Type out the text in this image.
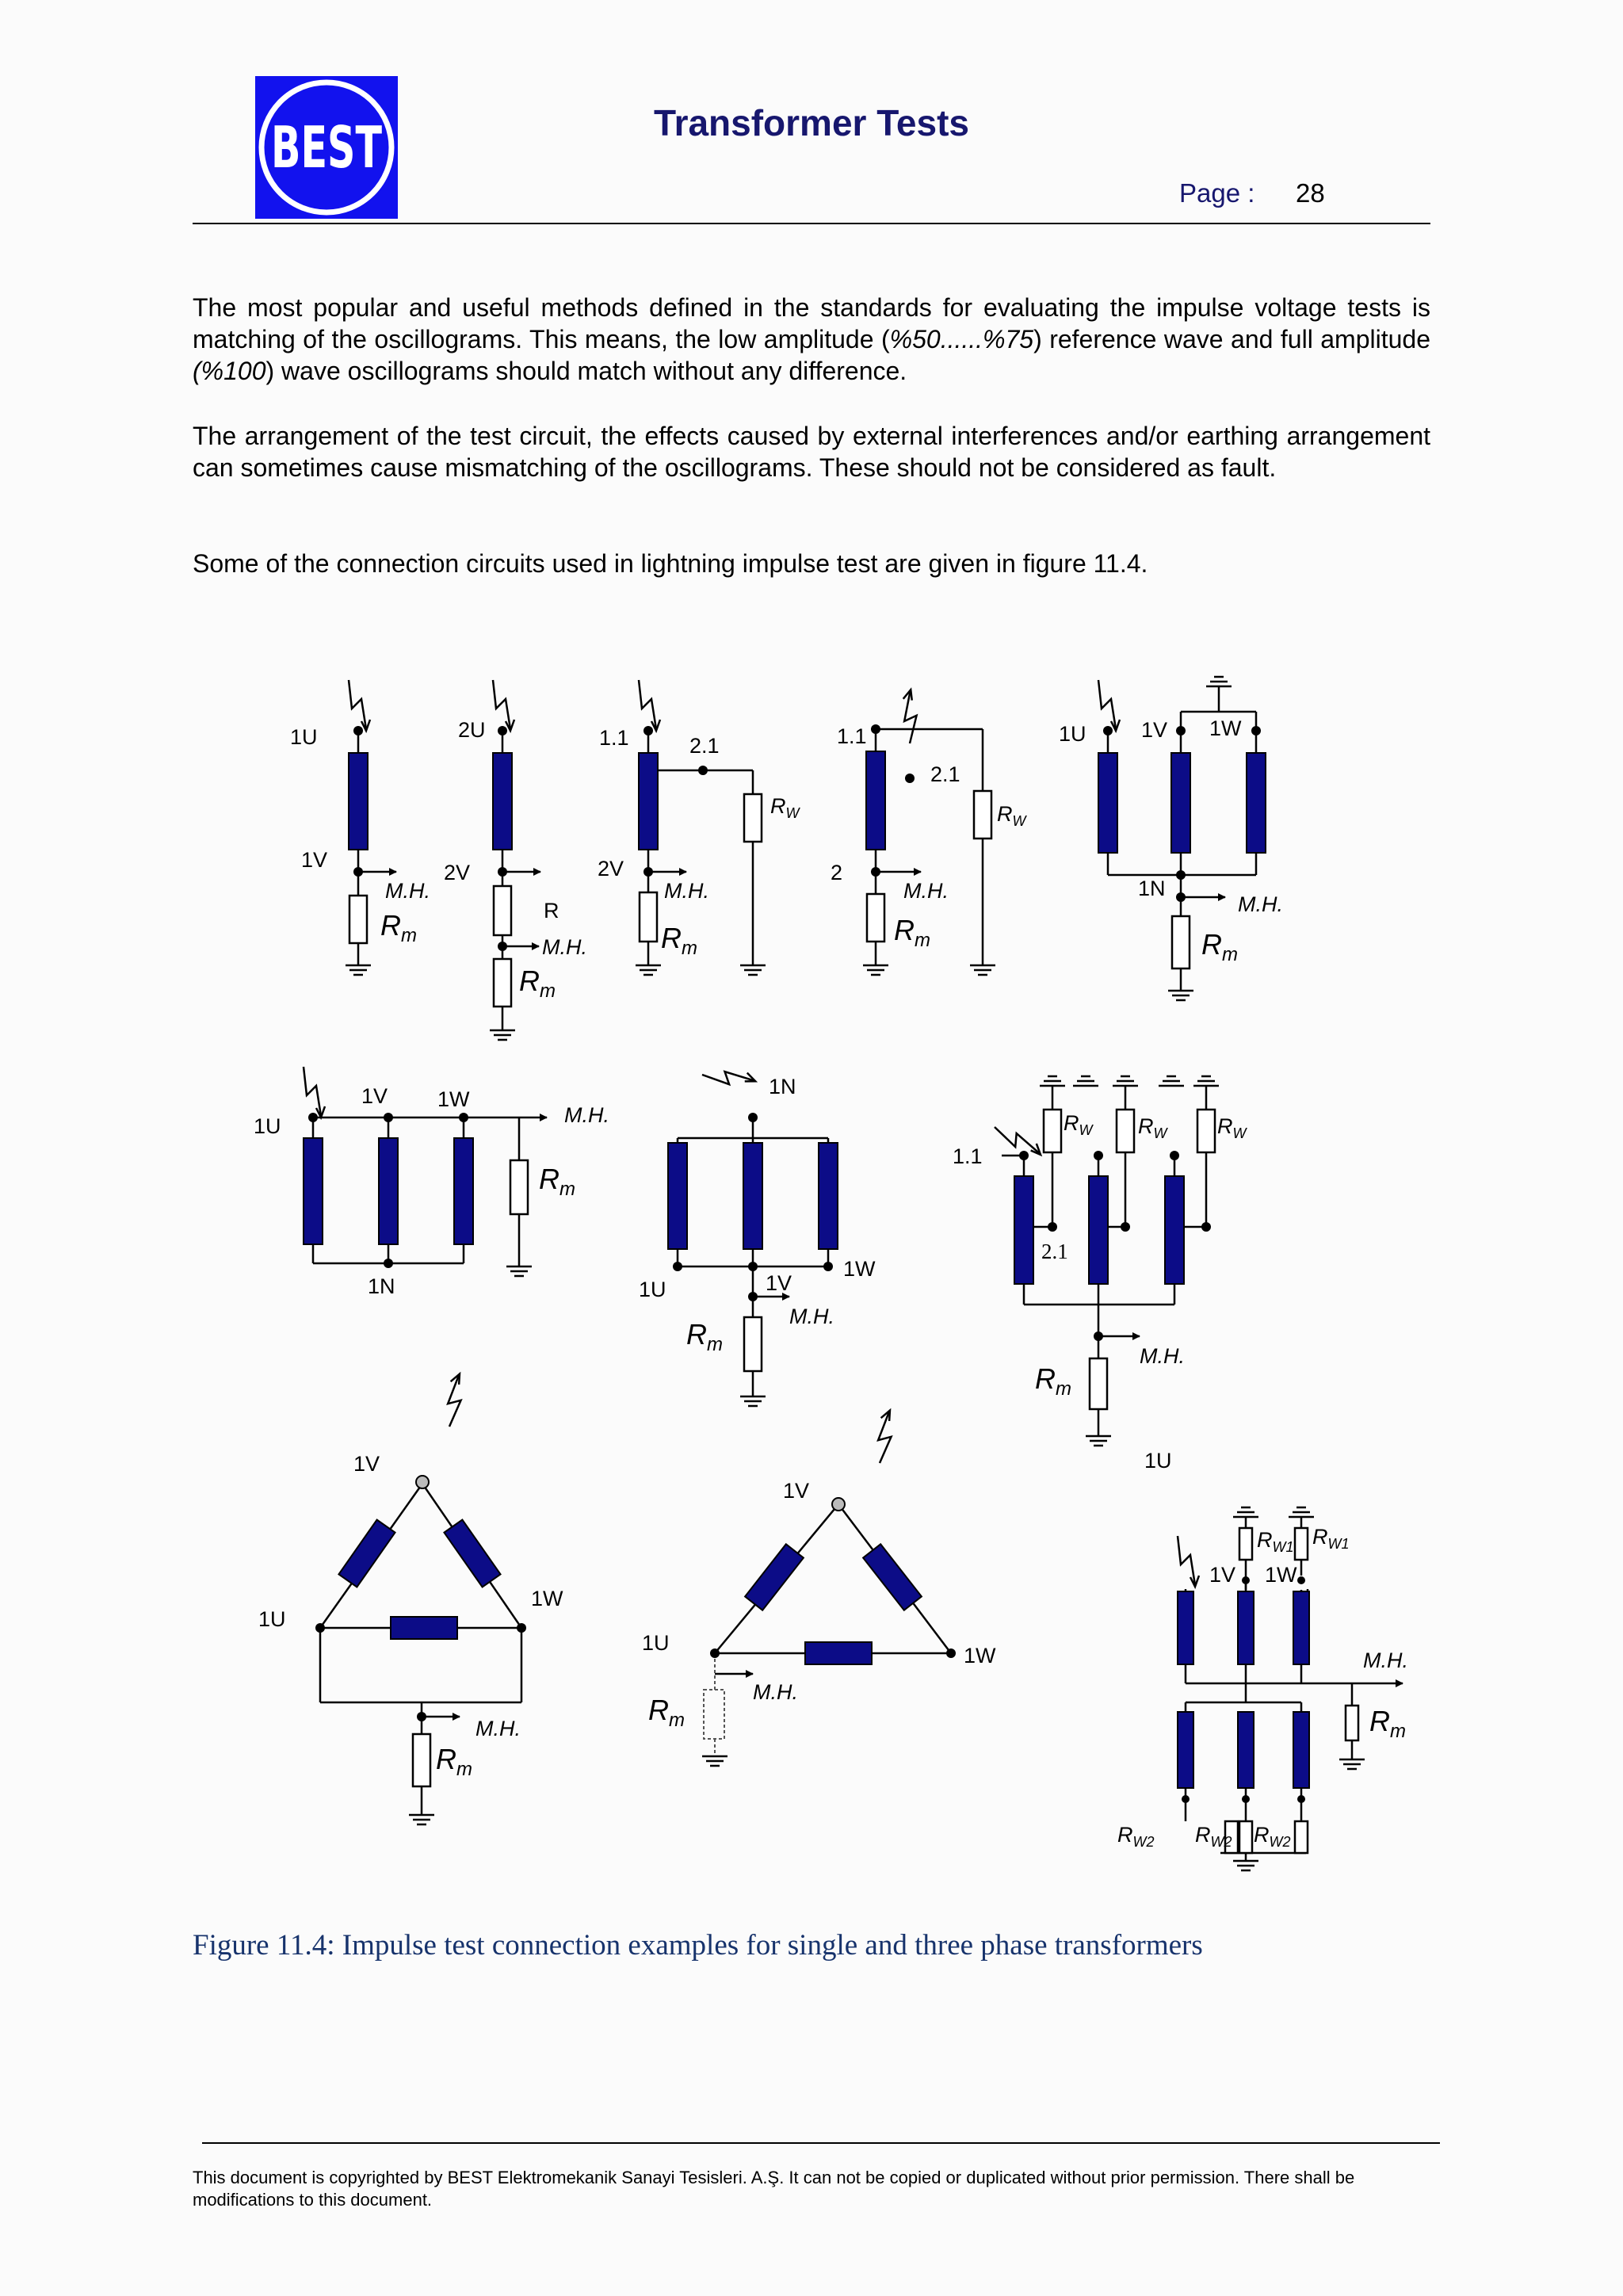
BEST	Transformer Tests
Page : 28
The most popular and useful methods defined in the standards for evaluating the impulse voltage tests is matching of the oscillograms. This means, the low amplitude (%50......%75) reference wave and full amplitude (%100) wave oscillograms should match without any difference.
The arrangement of the test circuit, the effects caused by external interferences and/or earthing arrangement can sometimes cause mismatching of the oscillograms. These should not be considered as fault.
Some of the connection circuits used in lightning impulse test are given in figure 11.4.
1U
1V
M.H.
$R_m$
2U
2V
R
M.H.
$R_m$
1.1	2.1
2V
M.H.
$R_m$
$R_W$
1.1
2.1
2
M.H.
$R_m$
$R_W$
1U	1V 1W
1N
M.H.
$R_m$
1U
1V 1W
M.H.
$R_m$
1N
1N
1U	1V
1W
M.H.
$R_m$
1.1
2.1
$R_W$ $R_W$ $R_W$
M.H.
$R_m$
1V
1W
1U
M.H.
$R_m$
1V
1U
1W
M.H.
$R_m$
1U
1V 1W
$R_{W1}$ $R_{W1}$
M.H.
$R_m$
$R_{W2}$ $R_{W2}$ $R_{W2}$
Figure 11.4: Impulse test connection examples for single and three phase transformers
This document is copyrighted by BEST Elektromekanik Sanayi Tesisleri. A.Ş. It can not be copied or duplicated without prior permission. There shall be modifications to this document.
